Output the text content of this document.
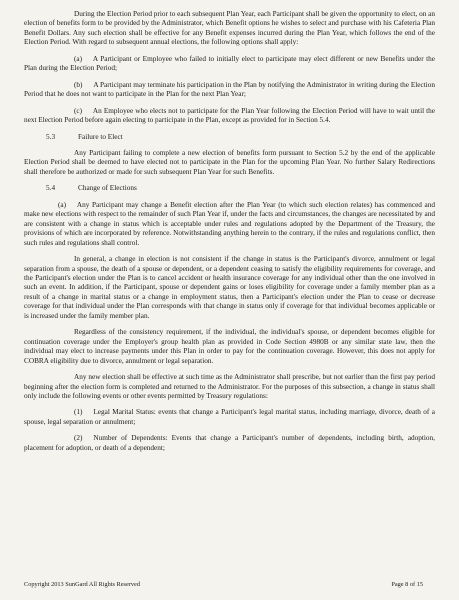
During the Election Period prior to each subsequent Plan Year, each Participant shall be given the opportunity to elect, on an election of benefits form to be provided by the Administrator, which Benefit options he wishes to select and purchase with his Cafeteria Plan Benefit Dollars. Any such election shall be effective for any Benefit expenses incurred during the Plan Year, which follows the end of the Election Period. With regard to subsequent annual elections, the following options shall apply:

(a)  A Participant or Employee who failed to initially elect to participate may elect different or new Benefits under the Plan during the Election Period;

(b)  A Participant may terminate his participation in the Plan by notifying the Administrator in writing during the Election Period that he does not want to participate in the Plan for the next Plan Year;

(c)  An Employee who elects not to participate for the Plan Year following the Election Period will have to wait until the next Election Period before again electing to participate in the Plan, except as provided for in Section 5.4.

5.3	Failure to Elect

Any Participant failing to complete a new election of benefits form pursuant to Section 5.2 by the end of the applicable Election Period shall be deemed to have elected not to participate in the Plan for the upcoming Plan Year. No further Salary Redirections shall therefore be authorized or made for such subsequent Plan Year for such Benefits.

5.4	Change of Elections

(a)  Any Participant may change a Benefit election after the Plan Year (to which such election relates) has commenced and make new elections with respect to the remainder of such Plan Year if, under the facts and circumstances, the changes are necessitated by and are consistent with a change in status which is acceptable under rules and regulations adopted by the Department of the Treasury, the provisions of which are incorporated by reference. Notwithstanding anything herein to the contrary, if the rules and regulations conflict, then such rules and regulations shall control.

In general, a change in election is not consistent if the change in status is the Participant's divorce, annulment or legal separation from a spouse, the death of a spouse or dependent, or a dependent ceasing to satisfy the eligibility requirements for coverage, and the Participant's election under the Plan is to cancel accident or health insurance coverage for any individual other than the one involved in such an event. In addition, if the Participant, spouse or dependent gains or loses eligibility for coverage under a family member plan as a result of a change in marital status or a change in employment status, then a Participant's election under the Plan to cease or decrease coverage for that individual under the Plan corresponds with that change in status only if coverage for that individual becomes applicable or is increased under the family member plan.

Regardless of the consistency requirement, if the individual, the individual's spouse, or dependent becomes eligible for continuation coverage under the Employer's group health plan as provided in Code Section 4980B or any similar state law, then the individual may elect to increase payments under this Plan in order to pay for the continuation coverage. However, this does not apply for COBRA eligibility due to divorce, annulment or legal separation.

Any new election shall be effective at such time as the Administrator shall prescribe, but not earlier than the first pay period beginning after the election form is completed and returned to the Administrator. For the purposes of this subsection, a change in status shall only include the following events or other events permitted by Treasury regulations:

(1)  Legal Marital Status: events that change a Participant's legal marital status, including marriage, divorce, death of a spouse, legal separation or annulment;

(2)  Number of Dependents: Events that change a Participant's number of dependents, including birth, adoption, placement for adoption, or death of a dependent;

Copyright 2013 SunGard All Rights Reserved	Page 8 of 15
